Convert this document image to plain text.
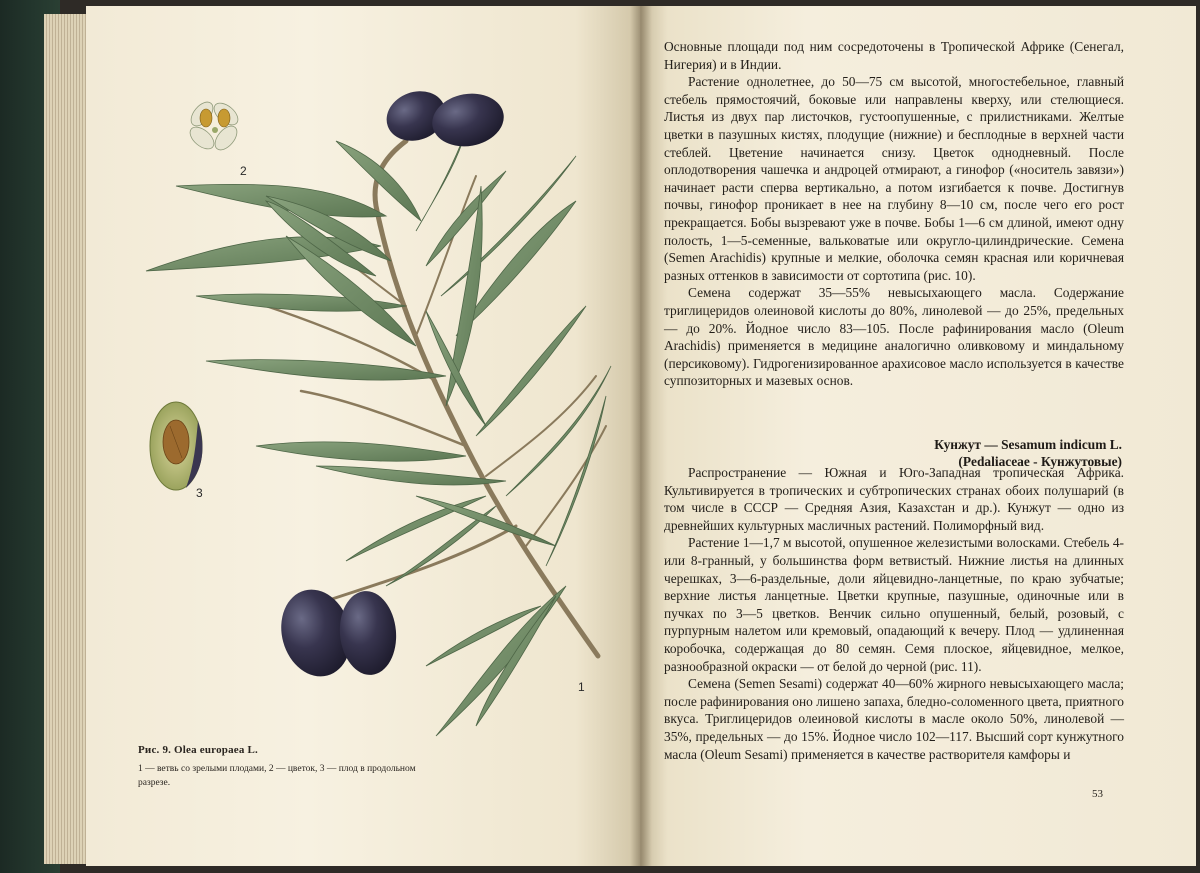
2
3
1
Рис. 9. Olea europaea L.
1 — ветвь со зрелыми плодами, 2 — цветок, 3 — плод в продольном разрезе.

Основные площади под ним сосредоточены в Тропической Африке (Сенегал, Нигерия) и в Индии.

Растение однолетнее, до 50—75 см высотой, многостебельное, главный стебель прямостоячий, боковые или направлены кверху, или стелющиеся. Листья из двух пар листочков, густоопушенные, с прилистниками. Желтые цветки в пазушных кистях, плодущие (нижние) и бесплодные в верхней части стеблей. Цветение начинается снизу. Цветок однодневный. После оплодотворения чашечка и андроцей отмирают, а гинофор («носитель завязи») начинает расти сперва вертикально, а потом изгибается к почве. Достигнув почвы, гинофор проникает в нее на глубину 8—10 см, после чего его рост прекращается. Бобы вызревают уже в почве. Бобы 1—6 см длиной, имеют одну полость, 1—5-семенные, вальковатые или округло-цилиндрические. Семена (Semen Arachidis) крупные и мелкие, оболочка семян красная или коричневая разных оттенков в зависимости от сортотипа (рис. 10).

Семена содержат 35—55% невысыхающего масла. Содержание триглицеридов олеиновой кислоты до 80%, линолевой — до 25%, предельных — до 20%. Йодное число 83—105. После рафинирования масло (Oleum Arachidis) применяется в медицине аналогично оливковому и миндальному (персиковому). Гидрогенизированное арахисовое масло используется в качестве суппозиторных и мазевых основ.

Кунжут — Sesamum indicum L.
(Pedaliaceae - Кунжутовые)

Распространение — Южная и Юго-Западная тропическая Африка. Культивируется в тропических и субтропических странах обоих полушарий (в том числе в СССР — Средняя Азия, Казахстан и др.). Кунжут — одно из древнейших культурных масличных растений. Полиморфный вид.

Растение 1—1,7 м высотой, опушенное железистыми волосками. Стебель 4- или 8-гранный, у большинства форм ветвистый. Нижние листья на длинных черешках, 3—6-раздельные, доли яйцевидно-ланцетные, по краю зубчатые; верхние листья ланцетные. Цветки крупные, пазушные, одиночные или в пучках по 3—5 цветков. Венчик сильно опушенный, белый, розовый, с пурпурным налетом или кремовый, опадающий к вечеру. Плод — удлиненная коробочка, содержащая до 80 семян. Семя плоское, яйцевидное, мелкое, разнообразной окраски — от белой до черной (рис. 11).

Семена (Semen Sesami) содержат 40—60% жирного невысыхающего масла; после рафинирования оно лишено запаха, бледно-соломенного цвета, приятного вкуса. Триглицеридов олеиновой кислоты в масле около 50%, линолевой — 35%, предельных — до 15%. Йодное число 102—117. Высший сорт кунжутного масла (Oleum Sesami) применяется в качестве растворителя камфоры и

53
